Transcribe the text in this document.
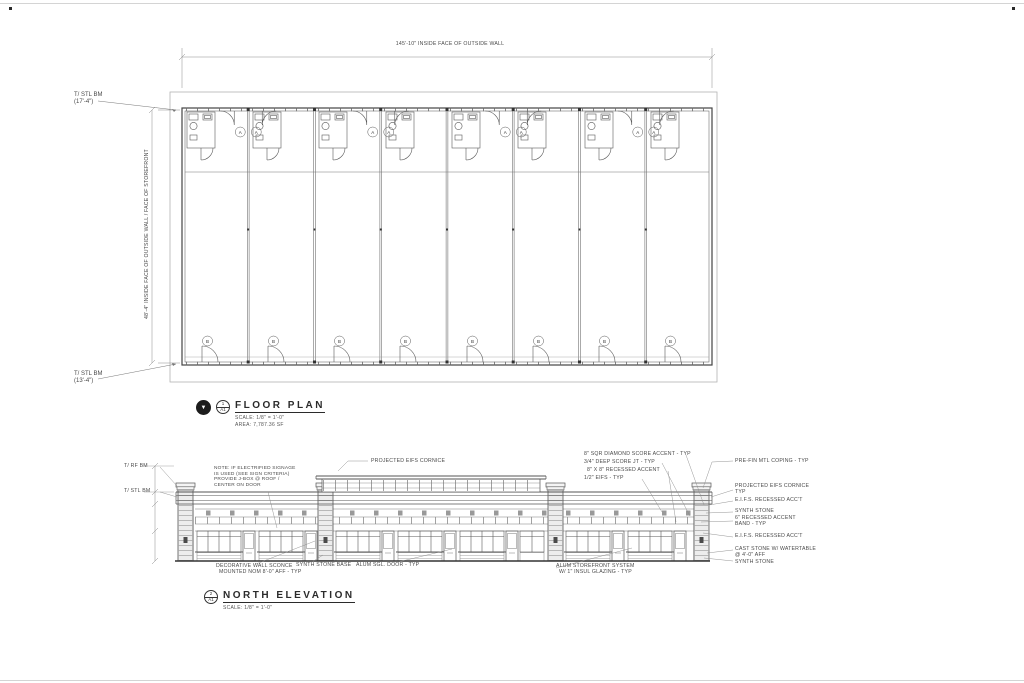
A	A	A	A	A	A	A	A
B	B	B	B	B	B	B	B
145'-10" INSIDE FACE OF OUTSIDE WALL
T/ STL BM
(17'-4")
T/ STL BM
(13'-4")
48'-4" INSIDE FACE OF OUTSIDE WALL / FACE OF STOREFRONT
▼
1
A1 FLOOR PLAN
SCALE: 1/8" = 1'-0"
AREA: 7,787.36 SF
T/ RF BM
T/ STL BM
NOTE: IF ELECTRIFIED SIGNAGE
IS USED (SEE SIGN CRITERIA)
PROVIDE J-BOX @ ROOF /
CENTER ON DOOR
PROJECTED EIFS CORNICE
8" SQR DIAMOND SCORE ACCENT - TYP
3/4" DEEP SCORE JT - TYP
8" X 8" RECESSED ACCENT
1/2" EIFS - TYP
PRE-FIN MTL COPING - TYP
PROJECTED EIFS CORNICE
TYP
E.I.F.S. RECESSED ACC'T
SYNTH STONE
6" RECESSED ACCENT
BAND - TYP
E.I.F.S. RECESSED ACC'T
CAST STONE W/ WATERTABLE
@ 4'-0" AFF
SYNTH STONE
DECORATIVE WALL SCONCE
MOUNTED NOM 8'-0" AFF - TYP
SYNTH STONE BASE ALUM SGL. DOOR - TYP	ALUM STOREFRONT SYSTEM
W/ 1" INSUL GLAZING - TYP
2
A1 NORTH ELEVATION
SCALE: 1/8" = 1'-0"
